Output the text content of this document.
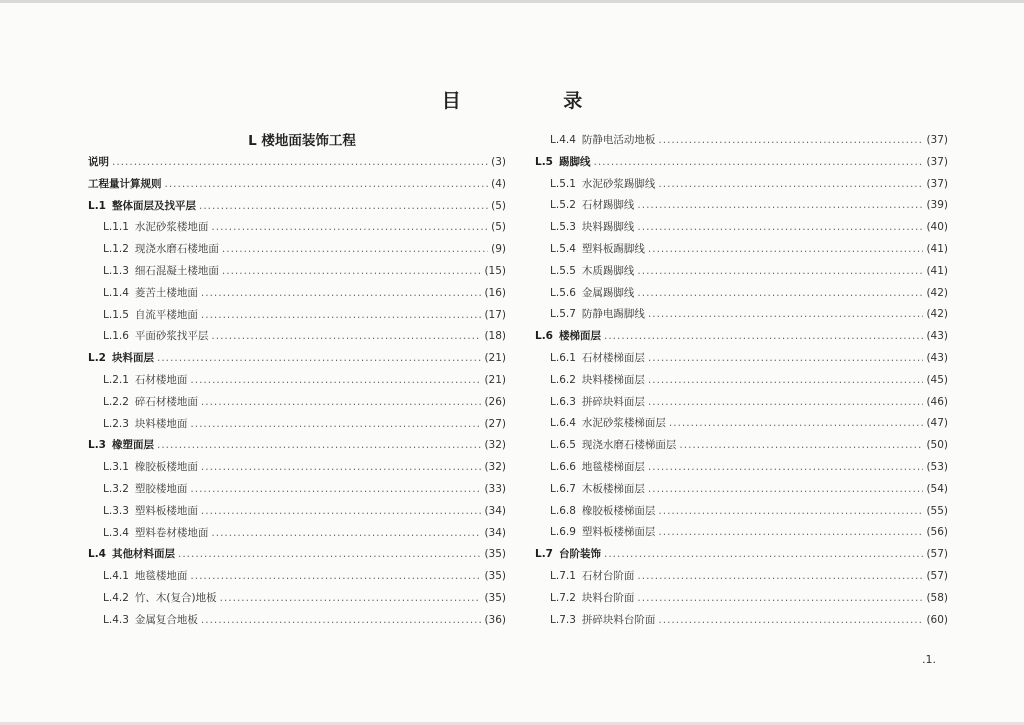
目 录
L 楼地面装饰工程
说明 .....	(3)
工程量计算规则 .....	(4)
L.1 整体面层及找平层 .....	(5)
L.1.1 水泥砂浆楼地面 .....	(5)
L.1.2 现浇水磨石楼地面 .....	(9)
L.1.3 细石混凝土楼地面 .....	(15)
L.1.4 菱苦土楼地面 .....	(16)
L.1.5 自流平楼地面 .....	(17)
L.1.6 平面砂浆找平层 .....	(18)
L.2 块料面层 .....	(21)
L.2.1 石材楼地面 .....	(21)
L.2.2 碎石材楼地面 .....	(26)
L.2.3 块料楼地面 .....	(27)
L.3 橡塑面层 .....	(32)
L.3.1 橡胶板楼地面 .....	(32)
L.3.2 塑胶楼地面 .....	(33)
L.3.3 塑料板楼地面 .....	(34)
L.3.4 塑料卷材楼地面 .....	(34)
L.4 其他材料面层 .....	(35)
L.4.1 地毯楼地面 .....	(35)
L.4.2 竹、木(复合)地板 .....	(35)
L.4.3 金属复合地板 .....	(36)
L.4.4 防静电活动地板 .....	(37)
L.5 踢脚线 .....	(37)
L.5.1 水泥砂浆踢脚线 .....	(37)
L.5.2 石材踢脚线 .....	(39)
L.5.3 块料踢脚线 .....	(40)
L.5.4 塑料板踢脚线 .....	(41)
L.5.5 木质踢脚线 .....	(41)
L.5.6 金属踢脚线 .....	(42)
L.5.7 防静电踢脚线 .....	(42)
L.6 楼梯面层 .....	(43)
L.6.1 石材楼梯面层 .....	(43)
L.6.2 块料楼梯面层 .....	(45)
L.6.3 拼碎块料面层 .....	(46)
L.6.4 水泥砂浆楼梯面层 .....	(47)
L.6.5 现浇水磨石楼梯面层 .....	(50)
L.6.6 地毯楼梯面层 .....	(53)
L.6.7 木板楼梯面层 .....	(54)
L.6.8 橡胶板楼梯面层 .....	(55)
L.6.9 塑料板楼梯面层 .....	(56)
L.7 台阶装饰 .....	(57)
L.7.1 石材台阶面 .....	(57)
L.7.2 块料台阶面 .....	(58)
L.7.3 拼碎块料台阶面 .....	(60)
.1.
